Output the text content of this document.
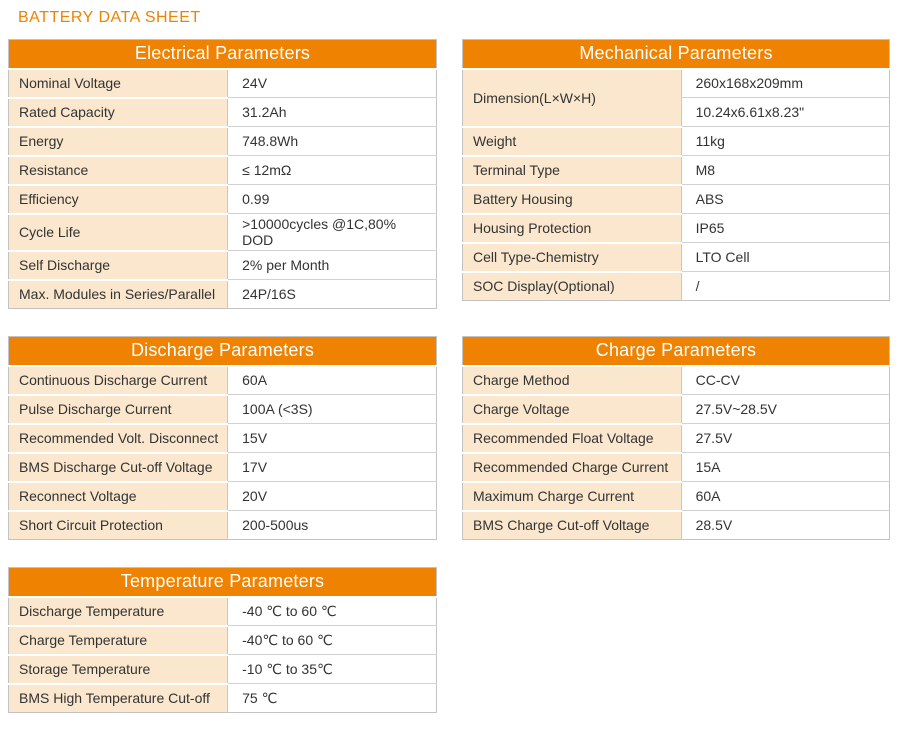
BATTERY DATA SHEET
Electrical Parameters	
Nominal Voltage	24V
Rated Capacity	31.2Ah
Energy	748.8Wh
Resistance	≤ 12mΩ
Efficiency	0.99
Cycle Life	>10000cycles @1C,80% DOD
Self Discharge	2% per Month
Max. Modules in Series/Parallel	24P/16S
Mechanical Parameters	
Dimension(L×W×H)	260x168x209mm
	10.24x6.61x8.23"
Weight	11kg
Terminal Type	M8
Battery Housing	ABS
Housing Protection	IP65
Cell Type-Chemistry	LTO Cell
SOC Display(Optional)	/
Discharge Parameters	
Continuous Discharge Current	60A
Pulse Discharge Current	100A (<3S)
Recommended Volt. Disconnect	15V
BMS Discharge Cut-off Voltage	17V
Reconnect Voltage	20V
Short Circuit Protection	200-500us
Charge Parameters	
Charge Method	CC-CV
Charge Voltage	27.5V~28.5V
Recommended Float Voltage	27.5V
Recommended Charge Current	15A
Maximum Charge Current	60A
BMS Charge Cut-off Voltage	28.5V
Temperature Parameters	
Discharge Temperature	-40 ℃ to 60 ℃
Charge Temperature	-40℃ to 60 ℃
Storage Temperature	-10 ℃ to 35℃
BMS High Temperature Cut-off	75 ℃
